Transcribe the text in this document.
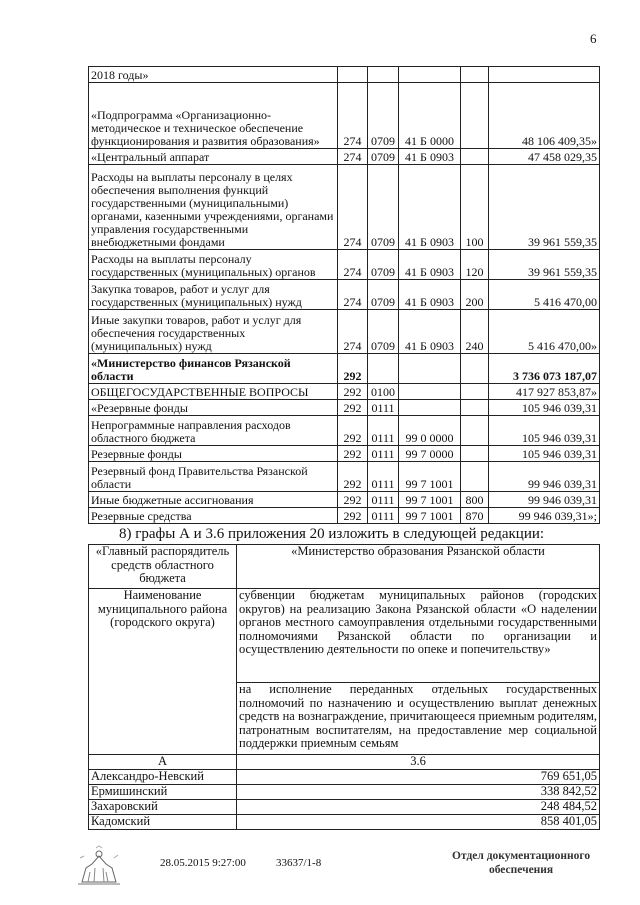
6
2018 годы»					
«Подпрограмма «Организационно-методическое и техническое обеспечение функционирования и развития образования»	274	0709	41 Б 0000		48 106 409,35»
«Центральный аппарат	274	0709	41 Б 0903		47 458 029,35
Расходы на выплаты персоналу в целях обеспечения выполнения функций государственными (муниципальными) органами, казенными учреждениями, органами управления государственными внебюджетными фондами	274	0709	41 Б 0903	100	39 961 559,35
Расходы на выплаты персоналу государственных (муниципальных) органов	274	0709	41 Б 0903	120	39 961 559,35
Закупка товаров, работ и услуг для государственных (муниципальных) нужд	274	0709	41 Б 0903	200	5 416 470,00
Иные закупки товаров, работ и услуг для обеспечения государственных (муниципальных) нужд	274	0709	41 Б 0903	240	5 416 470,00»
«Министерство финансов Рязанской области	292				3 736 073 187,07
ОБЩЕГОСУДАРСТВЕННЫЕ ВОПРОСЫ	292	0100			417 927 853,87»
«Резервные фонды	292	0111			105 946 039,31
Непрограммные направления расходов областного бюджета	292	0111	99 0 0000		105 946 039,31
Резервные фонды	292	0111	99 7 0000		105 946 039,31
Резервный фонд Правительства Рязанской области	292	0111	99 7 1001		99 946 039,31
Иные бюджетные ассигнования	292	0111	99 7 1001	800	99 946 039,31
Резервные средства	292	0111	99 7 1001	870	99 946 039,31»;
8) графы А и 3.6 приложения 20 изложить в следующей редакции:
«Главный распорядитель средств областного бюджета	«Министерство образования Рязанской области
Наименование муниципального района (городского округа)	субвенции бюджетам муниципальных районов (городских округов) на реализацию Закона Рязанской области «О наделении органов местного самоуправления отдельными государственными полномочиями Рязанской области по организации и осуществлению деятельности по опеке и попечительству»
	на исполнение переданных отдельных государственных полномочий по назначению и осуществлению выплат денежных средств на вознаграждение, причитающееся приемным родителям, патронатным воспитателям, на предоставление мер социальной поддержки приемным семьям
А	3.6
Александро-Невский	769 651,05
Ермишинский	338 842,52
Захаровский	248 484,52
Кадомский	858 401,05
28.05.2015 9:27:00	33637/1-8
Отдел документационного
обеспечения
